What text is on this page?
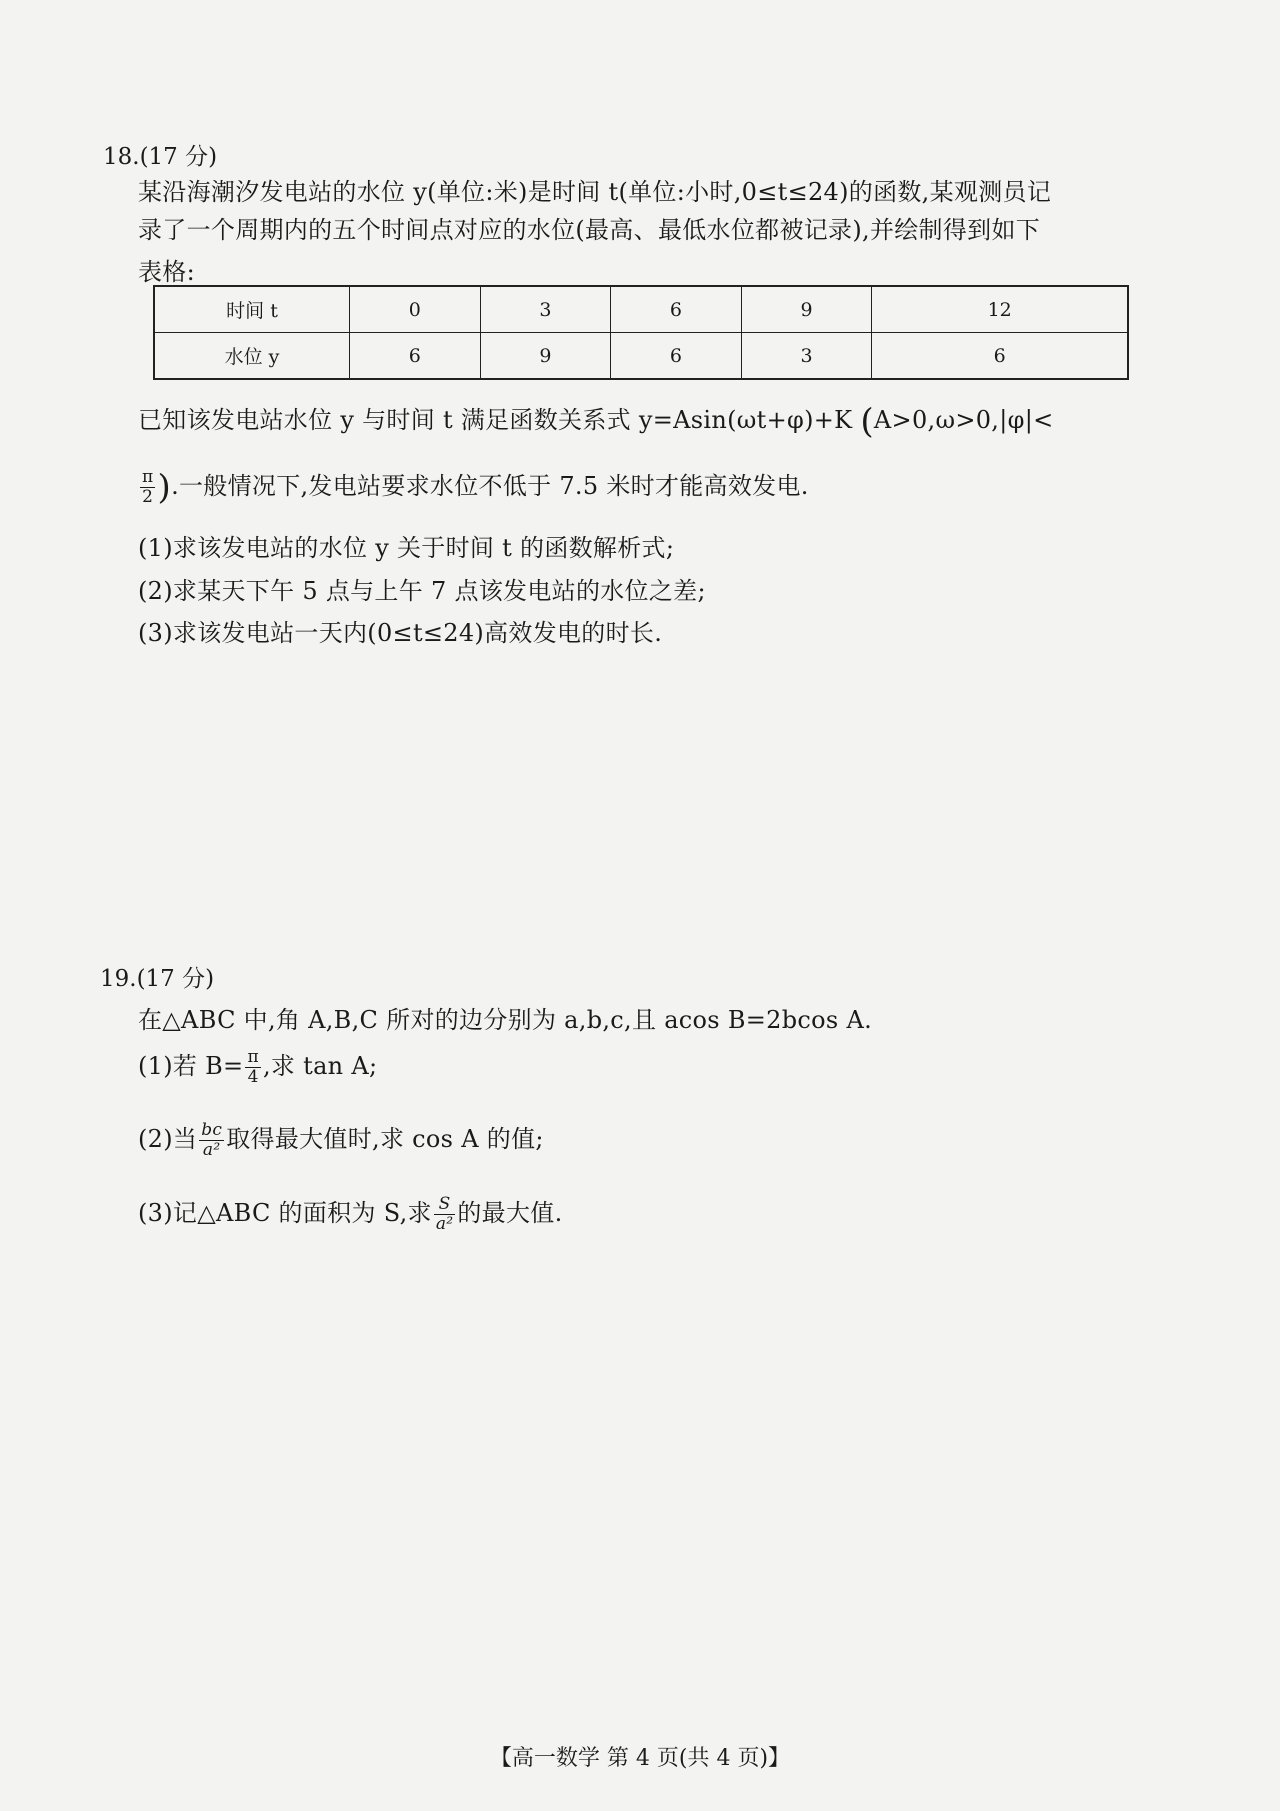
18.(17 分)
某沿海潮汐发电站的水位 y(单位:米)是时间 t(单位:小时,0≤t≤24)的函数,某观测员记
录了一个周期内的五个时间点对应的水位(最高、最低水位都被记录),并绘制得到如下
表格:
时间 t	0	3	6	9	12
水位 y	6	9	6	3	6
已知该发电站水位 y 与时间 t 满足函数关系式 y=Asin(ωt+φ)+K (A>0,ω>0,|φ|<
$\frac{\pi}{2}$ ).一般情况下,发电站要求水位不低于 7.5 米时才能高效发电.
(1)求该发电站的水位 y 关于时间 t 的函数解析式;
(2)求某天下午 5 点与上午 7 点该发电站的水位之差;
(3)求该发电站一天内(0≤t≤24)高效发电的时长.
19.(17 分)
在△ABC 中,角 A,B,C 所对的边分别为 a,b,c,且 acos B=2bcos A.
(1)若 $B= \frac{\pi}{4}$ ,求 tan A;
(2)当 $\frac{bc}{\text{a²}}$ 取得最大值时,求 cos A 的值;
(3)记△ABC 的面积为 S,求 $\frac{S}{\text{a²}}$ 的最大值.
【高一数学 第 4 页(共 4 页)】
